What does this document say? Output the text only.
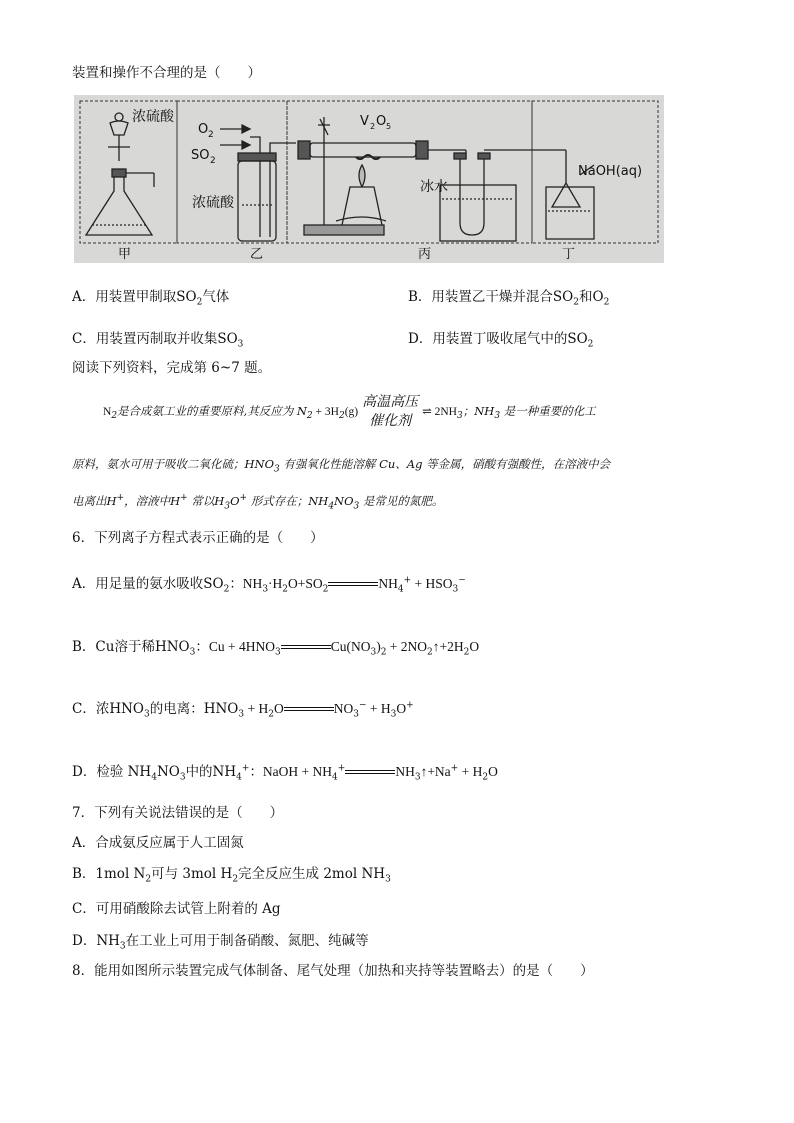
装置和操作不合理的是（　　）
浓硫酸
O 2
SO 2
浓硫酸
V 2 O 5
冰水
NaOH(aq)
甲	乙	丙	丁
A．用装置甲制取$SO_2$气体	B．用装置乙干燥并混合$SO_2$和$O_2$
C．用装置丙制取并收集$SO_3$	D．用装置丁吸收尾气中的$SO_2$
阅读下列资料，完成第 6~7 题。
$N_2$是合成氨工业的重要原料,其反应为 $N_2 + 3H_2(g)$高温高压
催化剂⇌ $2NH_3$；$NH_3$ 是一种重要的化工
原料，氨水可用于吸收二氧化硫；$HNO_3$ 有强氧化性能溶解 Cu、Ag 等金属，硝酸有强酸性，在溶液中会
电离出H+，溶液中H+ 常以$H_3O^+$ 形式存在；$NH_4NO_3$ 是常见的氮肥。
6．下列离子方程式表示正确的是（　　）
A．用足量的氨水吸收$SO_2$：$NH_3\cdot H_2O+SO_2$	$NH_4^+ + HSO_3^-$
B．Cu溶于稀$HNO_3$：$Cu + 4HNO_3$	$Cu(NO_3)_2$ + $2NO_2↑+2H_2O$
C．浓$HNO_3$的电离：$HNO_3 + H_2O$	$NO_3^- + H_3O^+$
D．检验 $NH_4NO_3$中的$NH_4^+$：NaOH + $NH_4^+$	$NH_3↑+Na^+ + H_2O$
7．下列有关说法错误的是（　　）
A．合成氨反应属于人工固氮
B．1mol $N_2$可与 3mol $H_2$完全反应生成 2mol $NH_3$
C．可用硝酸除去试管上附着的 Ag
D．$NH_3$在工业上可用于制备硝酸、氮肥、纯碱等
8．能用如图所示装置完成气体制备、尾气处理（加热和夹持等装置略去）的是（　　）
